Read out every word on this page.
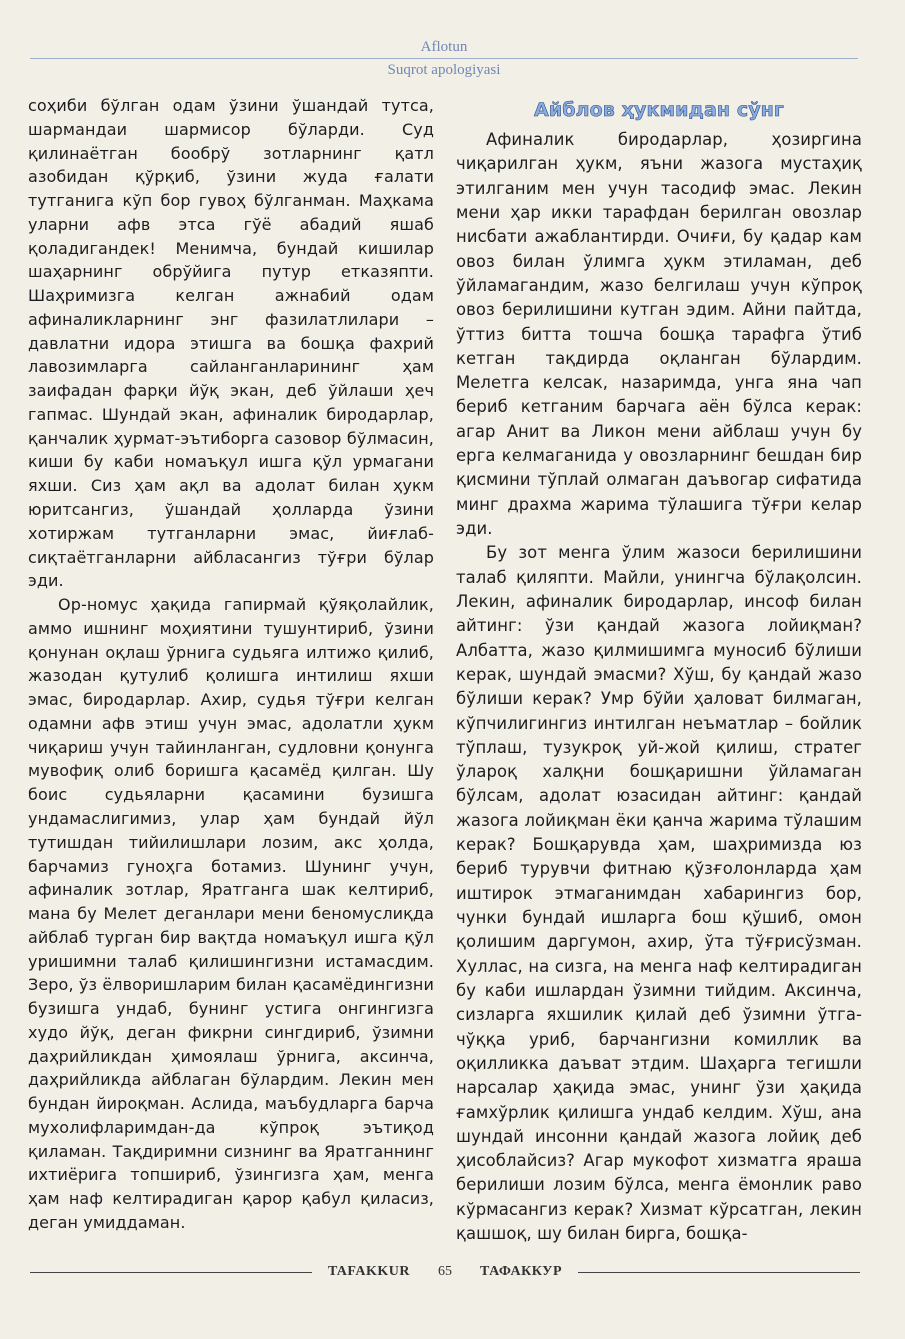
Aflotun
Suqrot apologiyasi

соҳиби бўлган одам ўзини ўшандай тутса, шармандаи шармисор бўларди. Суд қилинаётган бообрў зотларнинг қатл азобидан қўрқиб, ўзини жуда ғалати тутганига кўп бор гувоҳ бўлганман. Маҳкама уларни афв этса гўё абадий яшаб қоладигандек! Менимча, бундай кишилар шаҳарнинг обрўйига путур етказяпти. Шаҳримизга келган ажнабий одам афиналикларнинг энг фазилатлилари – давлатни идора этишга ва бошқа фахрий лавозимларга сайланганларининг ҳам заифадан фарқи йўқ экан, деб ўйлаши ҳеч гапмас. Шундай экан, афиналик биродарлар, қанчалик ҳурмат-эътиборга сазовор бўлмасин, киши бу каби номаъқул ишга қўл урмагани яхши. Сиз ҳам ақл ва адолат билан ҳукм юритсангиз, ўшандай ҳолларда ўзини хотиржам тутганларни эмас, йиғлаб-сиқтаётганларни айбласангиз тўғри бўлар эди.

Ор-номус ҳақида гапирмай қўяқолайлик, аммо ишнинг моҳиятини тушунтириб, ўзини қонунан оқлаш ўрнига судьяга илтижо қилиб, жазодан қутулиб қолишга интилиш яхши эмас, биродарлар. Ахир, судья тўғри келган одамни афв этиш учун эмас, адолатли ҳукм чиқариш учун тайинланган, судловни қонунга мувофиқ олиб боришга қасамёд қилган. Шу боис судьяларни қасамини бузишга ундамаслигимиз, улар ҳам бундай йўл тутишдан тийилишлари лозим, акс ҳолда, барчамиз гуноҳга ботамиз. Шунинг учун, афиналик зотлар, Яратганга шак келтириб, мана бу Мелет деганлари мени беномуслиқда айблаб турган бир вақтда номаъқул ишга қўл уришимни талаб қилишингизни истамасдим. Зеро, ўз ёлворишларим билан қасамёдингизни бузишга ундаб, бунинг устига онгингизга худо йўқ, деган фикрни сингдириб, ўзимни даҳрийликдан ҳимоялаш ўрнига, аксинча, даҳрийликда айблаган бўлардим. Лекин мен бундан йироқман. Аслида, маъбудларга барча мухолифларимдан-да кўпроқ эътиқод қиламан. Тақдиримни сизнинг ва Яратганнинг ихтиёрига топшириб, ўзингизга ҳам, менга ҳам наф келтирадиган қарор қабул қиласиз, деган умиддаман.

Айблов ҳукмидан сўнг

Афиналик биродарлар, ҳозиргина чиқарилган ҳукм, яъни жазога мустаҳиқ этилганим мен учун тасодиф эмас. Лекин мени ҳар икки тарафдан берилган овозлар нисбати ажаблантирди. Очиғи, бу қадар кам овоз билан ўлимга ҳукм этиламан, деб ўйламагандим, жазо белгилаш учун кўпроқ овоз берилишини кутган эдим. Айни пайтда, ўттиз битта тошча бошқа тарафга ўтиб кетган тақдирда оқланган бўлардим. Мелетга келсак, назаримда, унга яна чап бериб кетганим барчага аён бўлса керак: агар Анит ва Ликон мени айблаш учун бу ерга келмаганида у овозларнинг бешдан бир қисмини тўплай олмаган даъвогар сифатида минг драхма жарима тўлашига тўғри келар эди.

Бу зот менга ўлим жазоси берилишини талаб қиляпти. Майли, унингча бўлақолсин. Лекин, афиналик биродарлар, инсоф билан айтинг: ўзи қандай жазога лойиқман? Албатта, жазо қилмишимга муносиб бўлиши керак, шундай эмасми? Хўш, бу қандай жазо бўлиши керак? Умр бўйи ҳаловат билмаган, кўпчилигингиз интилган неъматлар – бойлик тўплаш, тузукроқ уй-жой қилиш, стратег ўлароқ халқни бошқаришни ўйламаган бўлсам, адолат юзасидан айтинг: қандай жазога лойиқман ёки қанча жарима тўлашим керак? Бошқарувда ҳам, шаҳримизда юз бериб турувчи фитнаю қўзғолонларда ҳам иштирок этмаганимдан хабарингиз бор, чунки бундай ишларга бош қўшиб, омон қолишим даргумон, ахир, ўта тўғрисўзман. Хуллас, на сизга, на менга наф келтирадиган бу каби ишлардан ўзимни тийдим. Аксинча, сизларга яхшилик қилай деб ўзимни ўтга-чўққа уриб, барчангизни комиллик ва оқилликка даъват этдим. Шаҳарга тегишли нарсалар ҳақида эмас, унинг ўзи ҳақида ғамхўрлик қилишга ундаб келдим. Хўш, ана шундай инсонни қандай жазога лойиқ деб ҳисоблайсиз? Агар мукофот хизматга яраша берилиши лозим бўлса, менга ёмонлик раво кўрмасангиз керак? Хизмат кўрсатган, лекин қашшоқ, шу билан бирга, бошқа-

TAFAKKUR 65 ТАФАККУР
